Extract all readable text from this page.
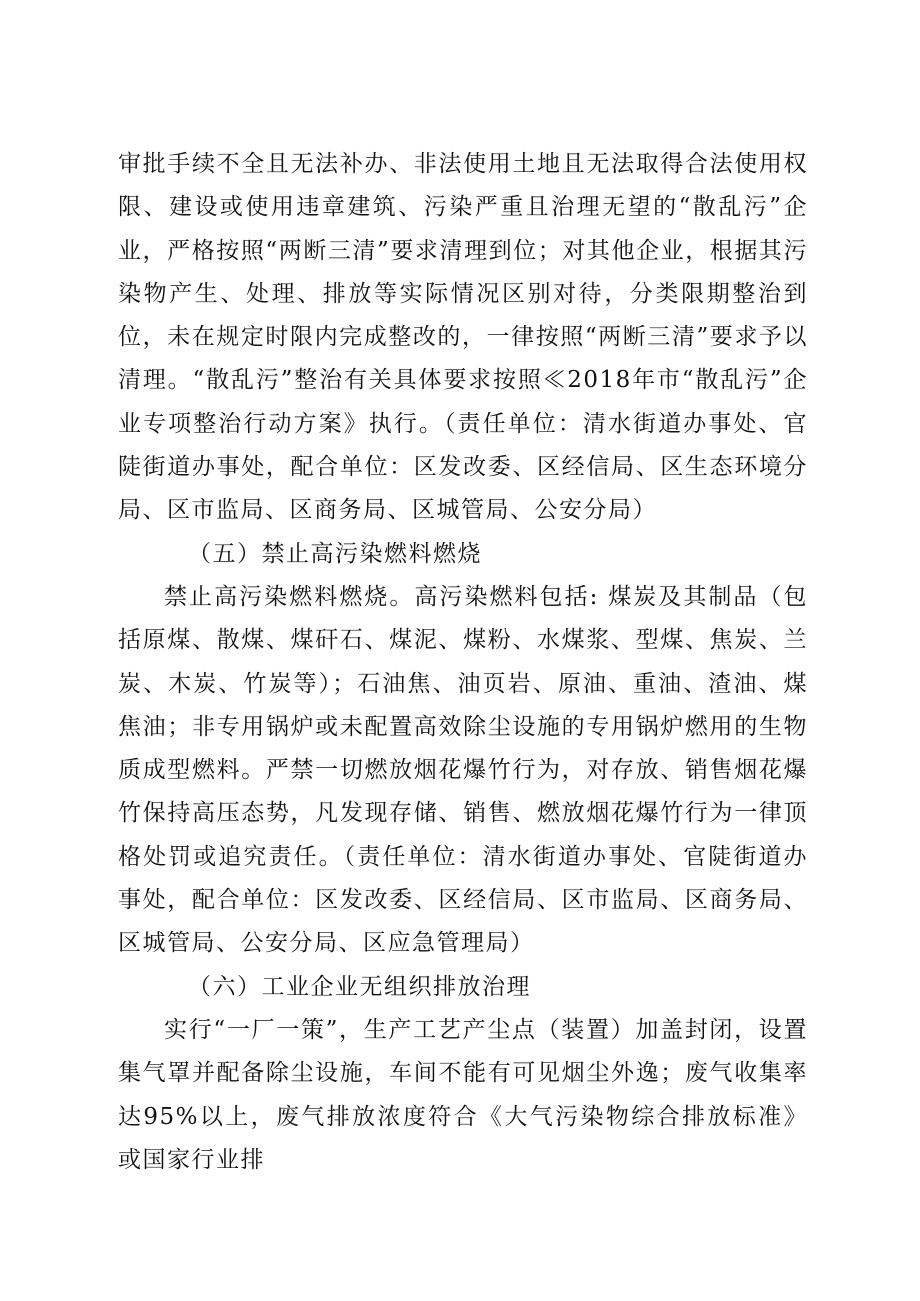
审批手续不全且无法补办、非法使用土地且无法取得合法使用权限、建设或使用违章建筑、污染严重且治理无望的“散乱污”企业，严格按照“两断三清”要求清理到位；对其他企业，根据其污染物产生、处理、排放等实际情况区别对待，分类限期整治到位，未在规定时限内完成整改的，一律按照“两断三清”要求予以清理。“散乱污”整治有关具体要求按照≪2018年市“散乱污”企业专项整治行动方案》执行。（责任单位：清水街道办事处、官陡街道办事处，配合单位：区发改委、区经信局、区生态环境分局、区市监局、区商务局、区城管局、公安分局）

（五）禁止高污染燃料燃烧

禁止高污染燃料燃烧。高污染燃料包括: 煤炭及其制品（包括原煤、散煤、煤矸石、煤泥、煤粉、水煤浆、型煤、焦炭、兰炭、木炭、竹炭等）；石油焦、油页岩、原油、重油、渣油、煤焦油；非专用锅炉或未配置高效除尘设施的专用锅炉燃用的生物质成型燃料。严禁一切燃放烟花爆竹行为，对存放、销售烟花爆竹保持高压态势，凡发现存储、销售、燃放烟花爆竹行为一律顶格处罚或追究责任。（责任单位：清水街道办事处、官陡街道办事处，配合单位：区发改委、区经信局、区市监局、区商务局、区城管局、公安分局、区应急管理局）

（六）工业企业无组织排放治理

实行“一厂一策”，生产工艺产尘点（装置）加盖封闭，设置集气罩并配备除尘设施，车间不能有可见烟尘外逸；废气收集率达95%以上，废气排放浓度符合《大气污染物综合排放标准》或国家行业排
